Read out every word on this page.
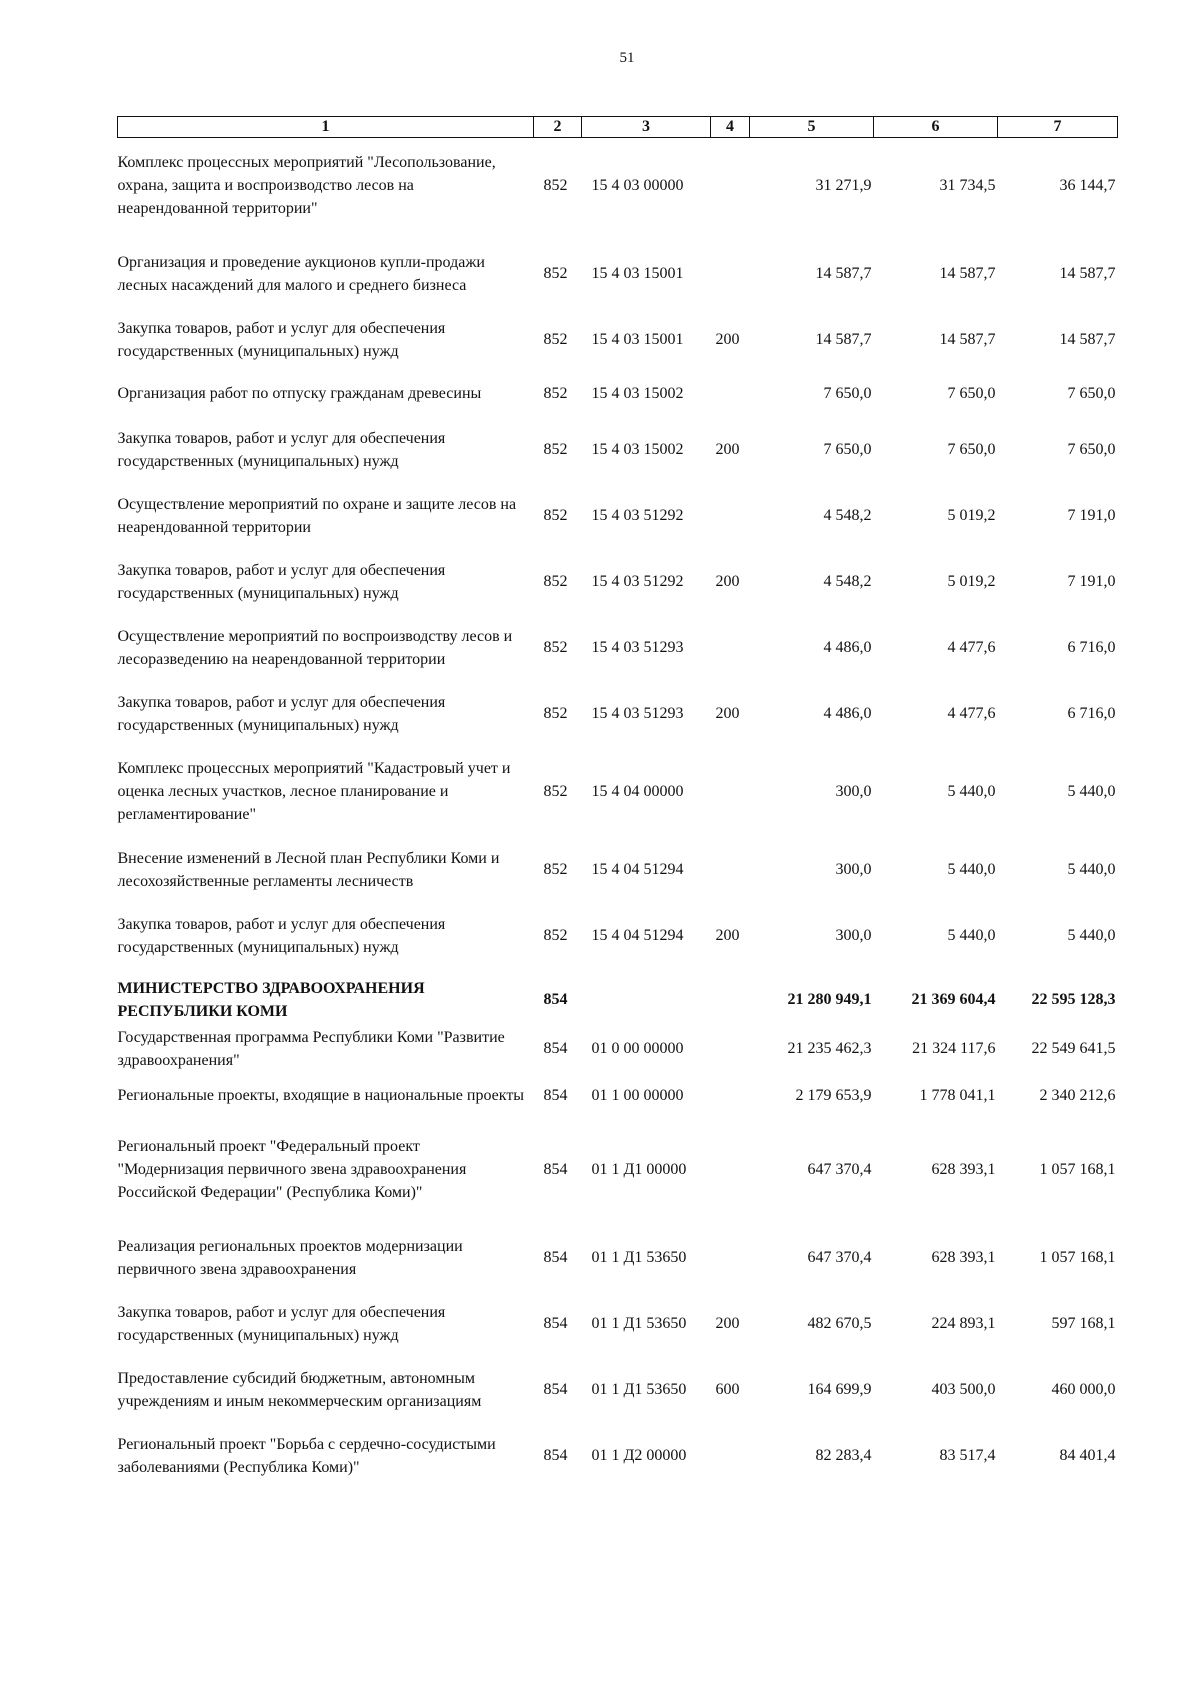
51
1	2	3	4	5	6	7
Комплекс процессных мероприятий "Лесопользование, охрана, защита и воспроизводство лесов на неарендованной территории"	852	15 4 03 00000		31 271,9	31 734,5	36 144,7
Организация и проведение аукционов купли-продажи лесных насаждений для малого и среднего бизнеса	852	15 4 03 15001		14 587,7	14 587,7	14 587,7
Закупка товаров, работ и услуг для обеспечения государственных (муниципальных) нужд	852	15 4 03 15001	200	14 587,7	14 587,7	14 587,7
Организация работ по отпуску гражданам древесины	852	15 4 03 15002		7 650,0	7 650,0	7 650,0
Закупка товаров, работ и услуг для обеспечения государственных (муниципальных) нужд	852	15 4 03 15002	200	7 650,0	7 650,0	7 650,0
Осуществление мероприятий по охране и защите лесов на неарендованной территории	852	15 4 03 51292		4 548,2	5 019,2	7 191,0
Закупка товаров, работ и услуг для обеспечения государственных (муниципальных) нужд	852	15 4 03 51292	200	4 548,2	5 019,2	7 191,0
Осуществление мероприятий по воспроизводству лесов и лесоразведению на неарендованной территории	852	15 4 03 51293		4 486,0	4 477,6	6 716,0
Закупка товаров, работ и услуг для обеспечения государственных (муниципальных) нужд	852	15 4 03 51293	200	4 486,0	4 477,6	6 716,0
Комплекс процессных мероприятий "Кадастровый учет и оценка лесных участков, лесное планирование и регламентирование"	852	15 4 04 00000		300,0	5 440,0	5 440,0
Внесение изменений в Лесной план Республики Коми и лесохозяйственные регламенты лесничеств	852	15 4 04 51294		300,0	5 440,0	5 440,0
Закупка товаров, работ и услуг для обеспечения государственных (муниципальных) нужд	852	15 4 04 51294	200	300,0	5 440,0	5 440,0
МИНИСТЕРСТВО ЗДРАВООХРАНЕНИЯ РЕСПУБЛИКИ КОМИ	854			21 280 949,1	21 369 604,4	22 595 128,3
Государственная программа Республики Коми "Развитие здравоохранения"	854	01 0 00 00000		21 235 462,3	21 324 117,6	22 549 641,5
Региональные проекты, входящие в национальные проекты	854	01 1 00 00000		2 179 653,9	1 778 041,1	2 340 212,6
Региональный проект "Федеральный проект "Модернизация первичного звена здравоохранения Российской Федерации" (Республика Коми)"	854	01 1 Д1 00000		647 370,4	628 393,1	1 057 168,1
Реализация региональных проектов модернизации первичного звена здравоохранения	854	01 1 Д1 53650		647 370,4	628 393,1	1 057 168,1
Закупка товаров, работ и услуг для обеспечения государственных (муниципальных) нужд	854	01 1 Д1 53650	200	482 670,5	224 893,1	597 168,1
Предоставление субсидий бюджетным, автономным учреждениям и иным некоммерческим организациям	854	01 1 Д1 53650	600	164 699,9	403 500,0	460 000,0
Региональный проект "Борьба с сердечно-сосудистыми заболеваниями (Республика Коми)"	854	01 1 Д2 00000		82 283,4	83 517,4	84 401,4
